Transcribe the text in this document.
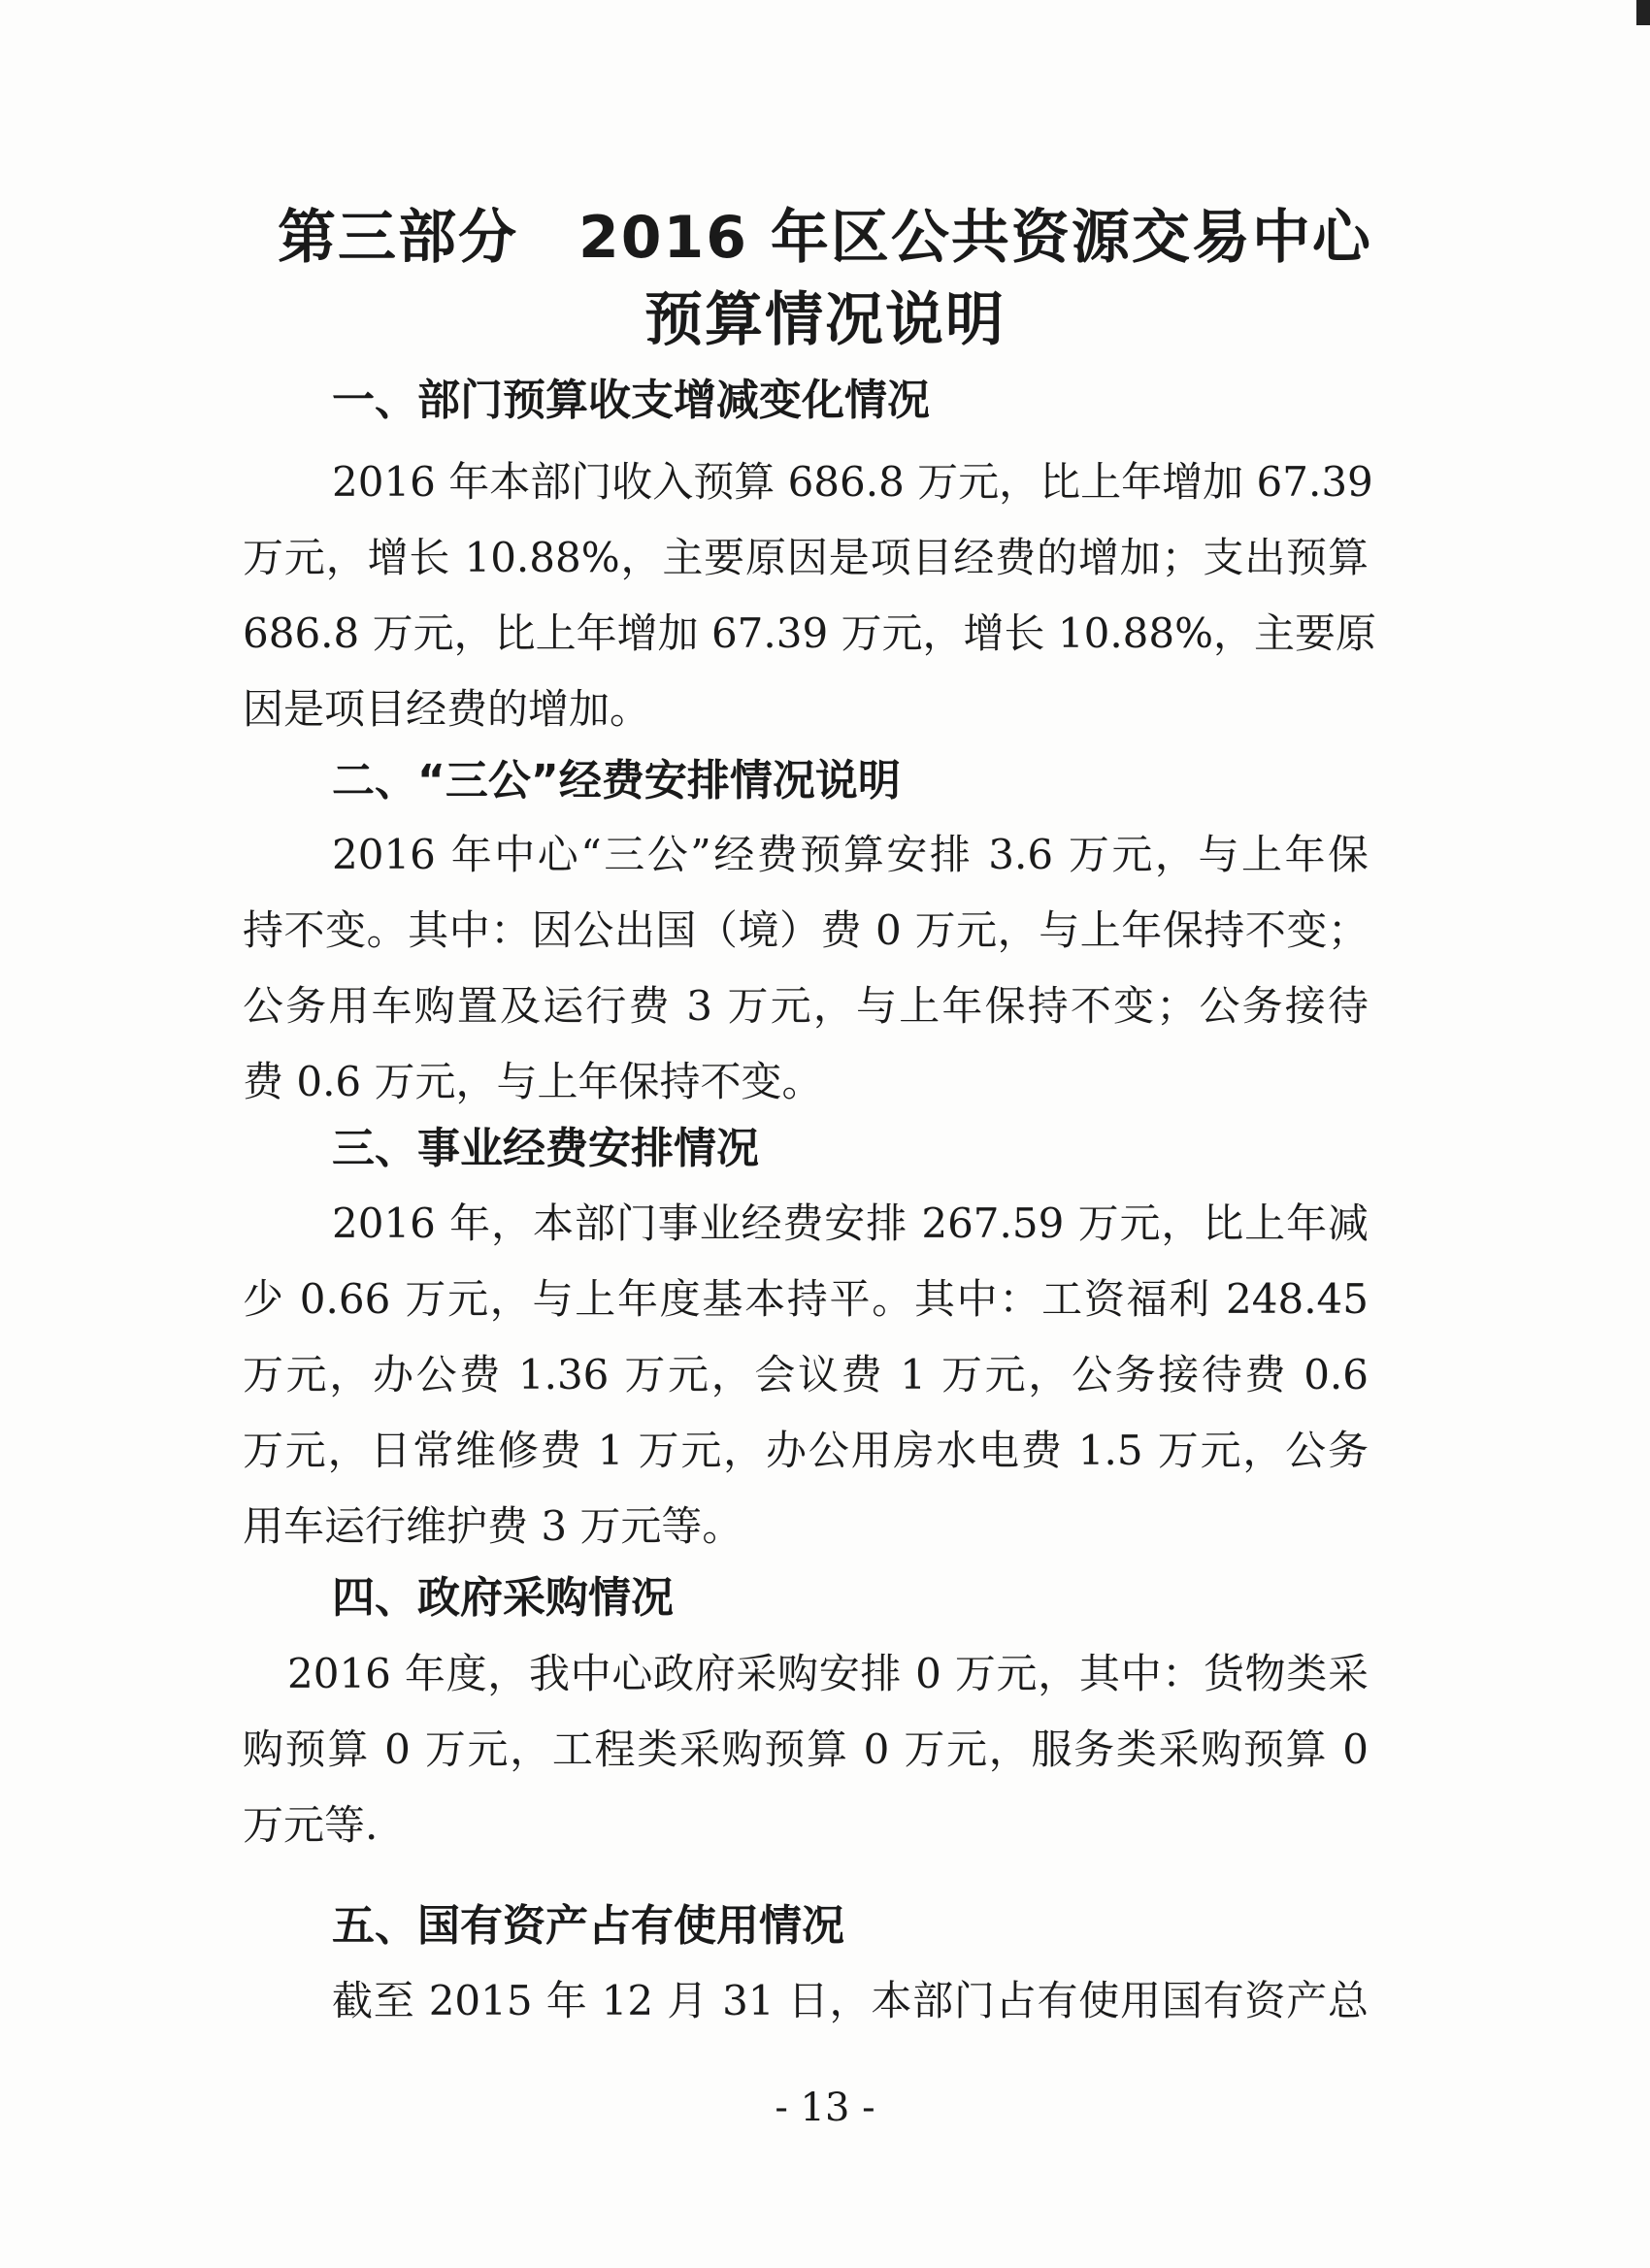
第三部分　2016 年区公共资源交易中心
预算情况说明
一、部门预算收支增减变化情况
2016 年本部门收入预算 686.8 万元，比上年增加 67.39
万元，增长 10.88%，主要原因是项目经费的增加；支出预算
686.8 万元，比上年增加 67.39 万元，增长 10.88%，主要原
因是项目经费的增加。
二、“三公”经费安排情况说明
2016 年中心“三公”经费预算安排 3.6 万元，与上年保
持不变。其中：因公出国（境）费 0 万元，与上年保持不变；
公务用车购置及运行费 3 万元，与上年保持不变；公务接待
费 0.6 万元，与上年保持不变。
三、事业经费安排情况
2016 年，本部门事业经费安排 267.59 万元，比上年减
少 0.66 万元，与上年度基本持平。其中：工资福利 248.45
万元，办公费 1.36 万元，会议费 1 万元，公务接待费 0.6
万元，日常维修费 1 万元，办公用房水电费 1.5 万元，公务
用车运行维护费 3 万元等。
四、政府采购情况
2016 年度，我中心政府采购安排 0 万元，其中：货物类采
购预算 0 万元，工程类采购预算 0 万元，服务类采购预算 0
万元等.
五、国有资产占有使用情况
截至 2015 年 12 月 31 日，本部门占有使用国有资产总

- 13 -
